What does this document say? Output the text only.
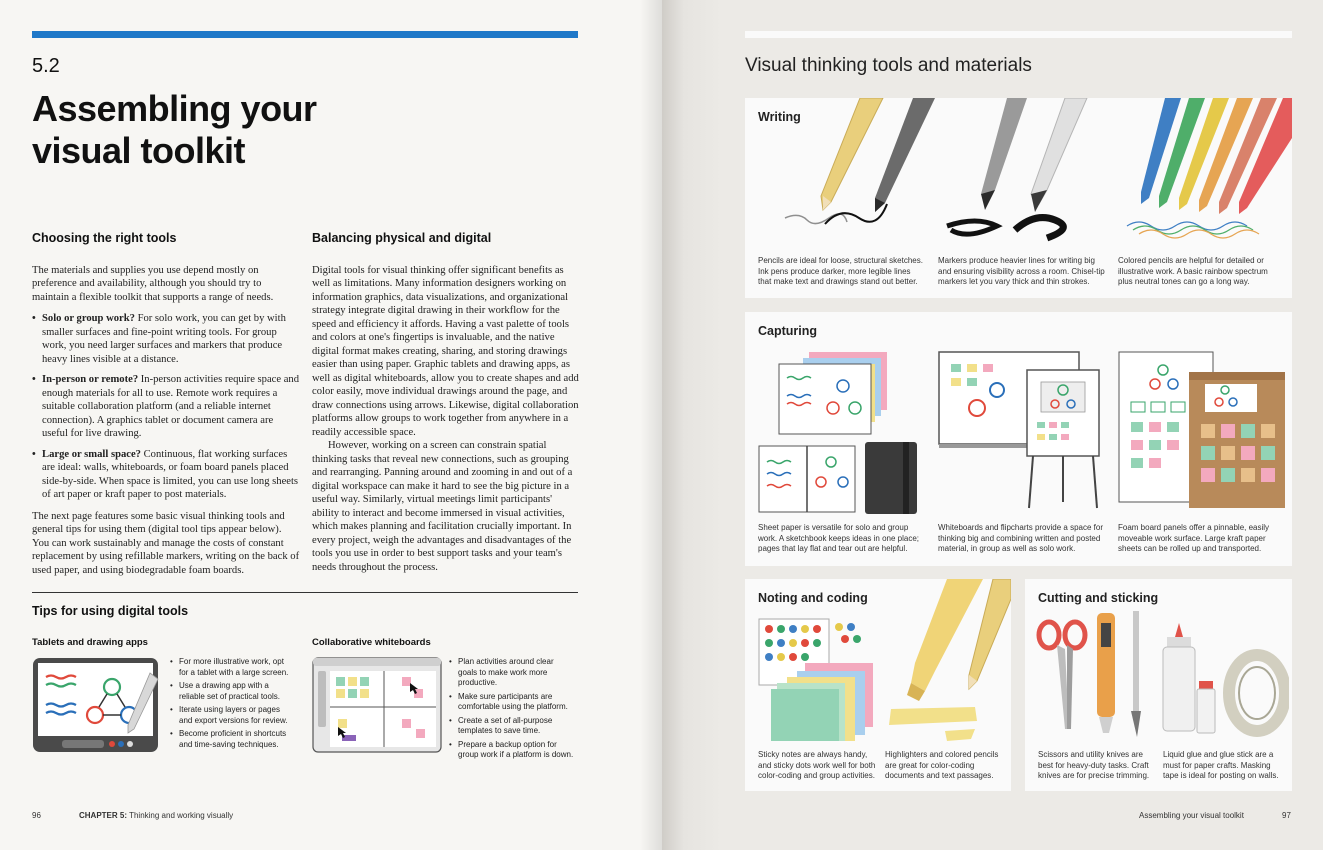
5.2
Assembling your
visual toolkit
Choosing the right tools

The materials and supplies you use depend mostly on preference and availability, although you should try to maintain a flexible toolkit that supports a range of needs.

• Solo or group work? For solo work, you can get by with smaller surfaces and fine-point writing tools. For group work, you need larger surfaces and markers that produce heavy lines visible at a distance.
• In-person or remote? In-person activities require space and enough materials for all to use. Remote work requires a suitable collaboration platform (and a reliable internet connection). A graphics tablet or document camera are useful for live drawing.
• Large or small space? Continuous, flat working surfaces are ideal: walls, whiteboards, or foam board panels placed side-by-side. When space is limited, you can use long sheets of art paper or kraft paper to post materials.

The next page features some basic visual thinking tools and general tips for using them (digital tool tips appear below). You can work sustainably and manage the costs of constant replacement by using refillable markers, writing on the back of used paper, and using biodegradable foam boards.

Balancing physical and digital

Digital tools for visual thinking offer significant benefits as well as limitations. Many information designers working on information graphics, data visualizations, and organizational strategy integrate digital drawing in their workflow for the speed and efficiency it affords. Having a vast palette of tools and colors at one's fingertips is invaluable, and the native digital format makes creating, sharing, and storing drawings easier than using paper. Graphic tablets and drawing apps, as well as digital whiteboards, allow you to create shapes and add color easily, move individual drawings around the page, and draw connections using arrows. Likewise, digital collaboration platforms allow groups to work together from anywhere in a readily accessible space.

However, working on a screen can constrain spatial thinking tasks that reveal new connections, such as grouping and rearranging. Panning around and zooming in and out of a digital workspace can make it hard to see the big picture in a useful way. Similarly, virtual meetings limit participants' ability to interact and become immersed in visual activities, which makes planning and facilitation crucially important. In every project, weigh the advantages and disadvantages of the tools you use in order to best support tasks and your team's needs throughout the process.

Tips for using digital tools
Tablets and drawing apps
• For more illustrative work, opt for a tablet with a large screen.
• Use a drawing app with a reliable set of practical tools.
• Iterate using layers or pages and export versions for review.
• Become proficient in shortcuts and time-saving techniques.
Collaborative whiteboards
• Plan activities around clear goals to make work more productive.
• Make sure participants are comfortable using the platform.
• Create a set of all-purpose templates to save time.
• Prepare a backup option for group work if a platform is down.
96	CHAPTER 5: Thinking and working visually
Visual thinking tools and materials
Writing
Pencils are ideal for loose, structural sketches. Ink pens produce darker, more legible lines that make text and drawings stand out better.
Markers produce heavier lines for writing big and ensuring visibility across a room. Chisel-tip markers let you vary thick and thin strokes.
Colored pencils are helpful for detailed or illustrative work. A basic rainbow spectrum plus neutral tones can go a long way.
Capturing
Sheet paper is versatile for solo and group work. A sketchbook keeps ideas in one place; pages that lay flat and tear out are helpful.
Whiteboards and flipcharts provide a space for thinking big and combining written and posted material, in group as well as solo work.
Foam board panels offer a pinnable, easily moveable work surface. Large kraft paper sheets can be rolled up and transported.
Noting and coding
Sticky notes are always handy, and sticky dots work well for both color-coding and group activities.
Highlighters and colored pencils are great for color-coding documents and text passages.
Cutting and sticking
Scissors and utility knives are best for heavy-duty tasks. Craft knives are for precise trimming.
Liquid glue and glue stick are a must for paper crafts. Masking tape is ideal for posting on walls.
Assembling your visual toolkit	97
